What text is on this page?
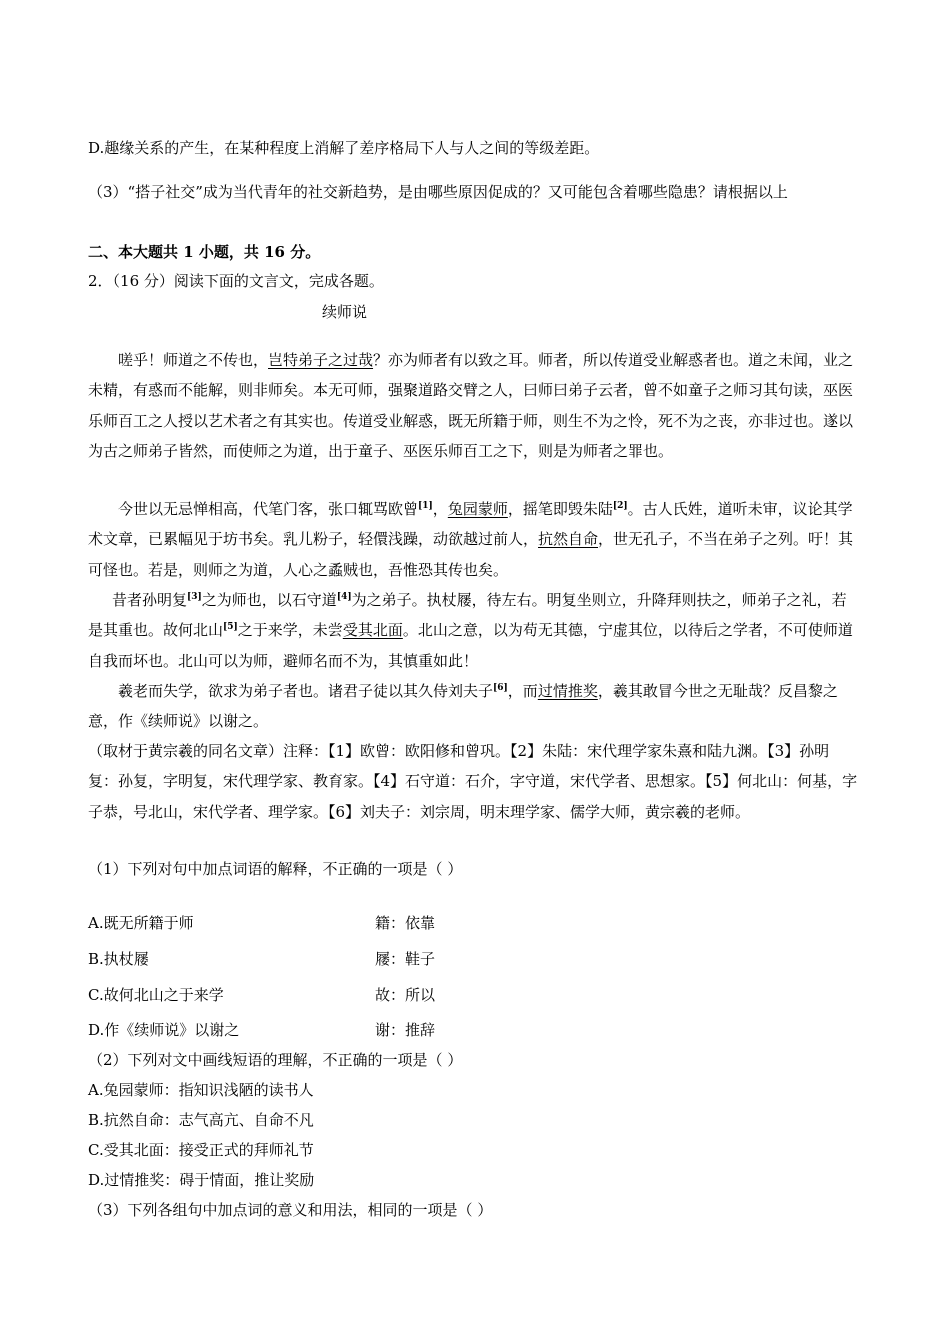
D.趣缘关系的产生，在某种程度上消解了差序格局下人与人之间的等级差距。
（3）“搭子社交”成为当代青年的社交新趋势，是由哪些原因促成的？又可能包含着哪些隐患？请根据以上
二、本大题共 1 小题，共 16 分。
2．（16 分）阅读下面的文言文，完成各题。
续师说
嗟乎！师道之不传也，岂特弟子之过哉？亦为师者有以致之耳。师者，所以传道受业解惑者也。道之未闻，业之未精，有惑而不能解，则非师矣。本无可师，强聚道路交臂之人，曰师曰弟子云者，曾不如童子之师习其句读，巫医乐师百工之人授以艺术者之有其实也。传道受业解惑，既无所籍于师，则生不为之怜，死不为之丧，亦非过也。遂以为古之师弟子皆然，而使师之为道，出于童子、巫医乐师百工之下，则是为师者之罪也。
今世以无忌惮相高，代笔门客，张口辄骂欧曾[1]，兔园蒙师，摇笔即毁朱陆[2]。古人氏姓，道听未审，议论其学术文章，已累幅见于坊书矣。乳儿粉子，轻儇浅躁，动欲越过前人，抗然自命，世无孔子，不当在弟子之列。吁！其可怪也。若是，则师之为道，人心之蟊贼也，吾惟恐其传也矣。
昔者孙明复[3]之为师也，以石守道[4]为之弟子。执杖屦，待左右。明复坐则立，升降拜则扶之，师弟子之礼，若是其重也。故何北山[5]之于来学，未尝受其北面。北山之意，以为苟无其德，宁虚其位，以待后之学者，不可使师道自我而坏也。北山可以为师，避师名而不为，其慎重如此！
羲老而失学，欲求为弟子者也。诸君子徒以其久侍刘夫子[6]，而过情推奖，羲其敢冒今世之无耻哉？反昌黎之意，作《续师说》以谢之。
（取材于黄宗羲的同名文章）注释：【1】欧曾：欧阳修和曾巩。【2】朱陆：宋代理学家朱熹和陆九渊。【3】孙明复：孙复，字明复，宋代理学家、教育家。【4】石守道：石介，字守道，宋代学者、思想家。【5】何北山：何基，字子恭，号北山，宋代学者、理学家。【6】刘夫子：刘宗周，明末理学家、儒学大师，黄宗羲的老师。
（1）下列对句中加点词语的解释，不正确的一项是（ ）
A.既无所籍于师	籍：依靠
B.执杖屦	屦：鞋子
C.故何北山之于来学	故：所以
D.作《续师说》以谢之	谢：推辞
（2）下列对文中画线短语的理解，不正确的一项是（ ）
A.兔园蒙师：指知识浅陋的读书人
B.抗然自命：志气高亢、自命不凡
C.受其北面：接受正式的拜师礼节
D.过情推奖：碍于情面，推让奖励
（3）下列各组句中加点词的意义和用法，相同的一项是（ ）
